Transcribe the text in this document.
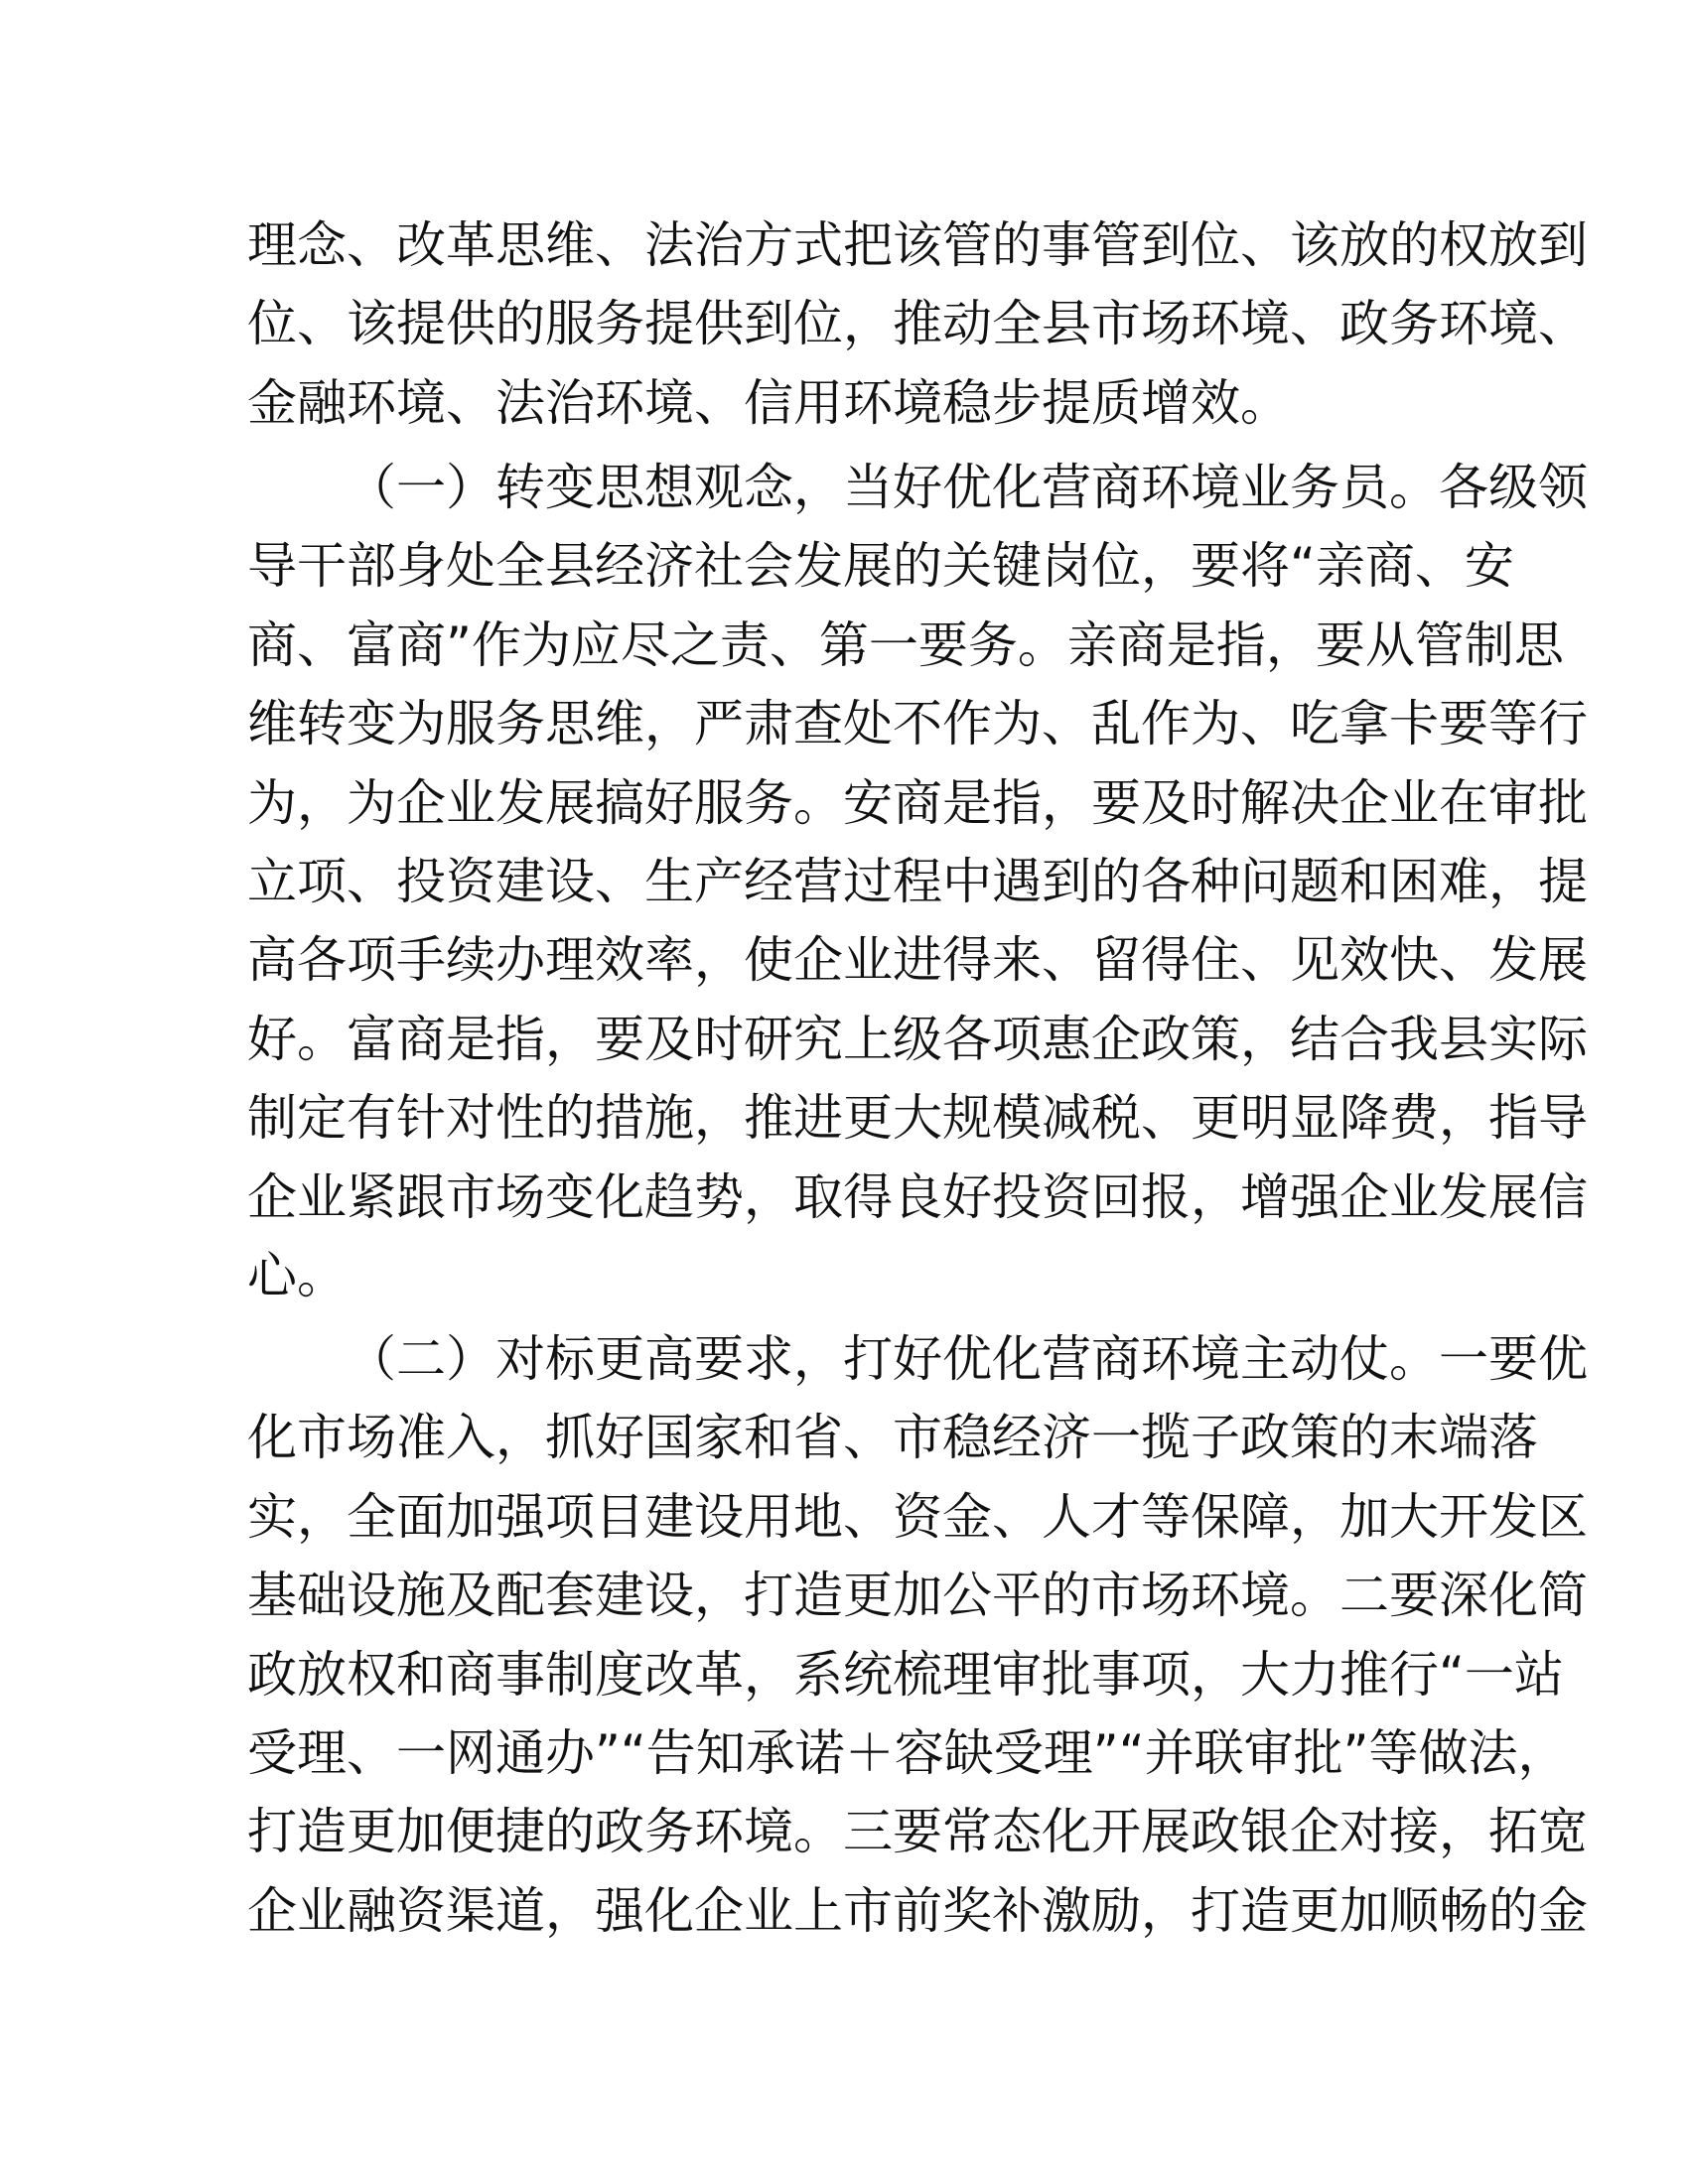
理念、改革思维、法治方式把该管的事管到位、该放的权放到
位、该提供的服务提供到位，推动全县市场环境、政务环境、
金融环境、法治环境、信用环境稳步提质增效。
（一）转变思想观念，当好优化营商环境业务员。各级领
导干部身处全县经济社会发展的关键岗位，要将“亲商、安
商、富商”作为应尽之责、第一要务。亲商是指，要从管制思
维转变为服务思维，严肃查处不作为、乱作为、吃拿卡要等行
为，为企业发展搞好服务。安商是指，要及时解决企业在审批
立项、投资建设、生产经营过程中遇到的各种问题和困难，提
高各项手续办理效率，使企业进得来、留得住、见效快、发展
好。富商是指，要及时研究上级各项惠企政策，结合我县实际
制定有针对性的措施，推进更大规模减税、更明显降费，指导
企业紧跟市场变化趋势，取得良好投资回报，增强企业发展信
心。
（二）对标更高要求，打好优化营商环境主动仗。一要优
化市场准入，抓好国家和省、市稳经济一揽子政策的末端落
实，全面加强项目建设用地、资金、人才等保障，加大开发区
基础设施及配套建设，打造更加公平的市场环境。二要深化简
政放权和商事制度改革，系统梳理审批事项，大力推行“一站
受理、一网通办”“告知承诺＋容缺受理”“并联审批”等做法，
打造更加便捷的政务环境。三要常态化开展政银企对接，拓宽
企业融资渠道，强化企业上市前奖补激励，打造更加顺畅的金
